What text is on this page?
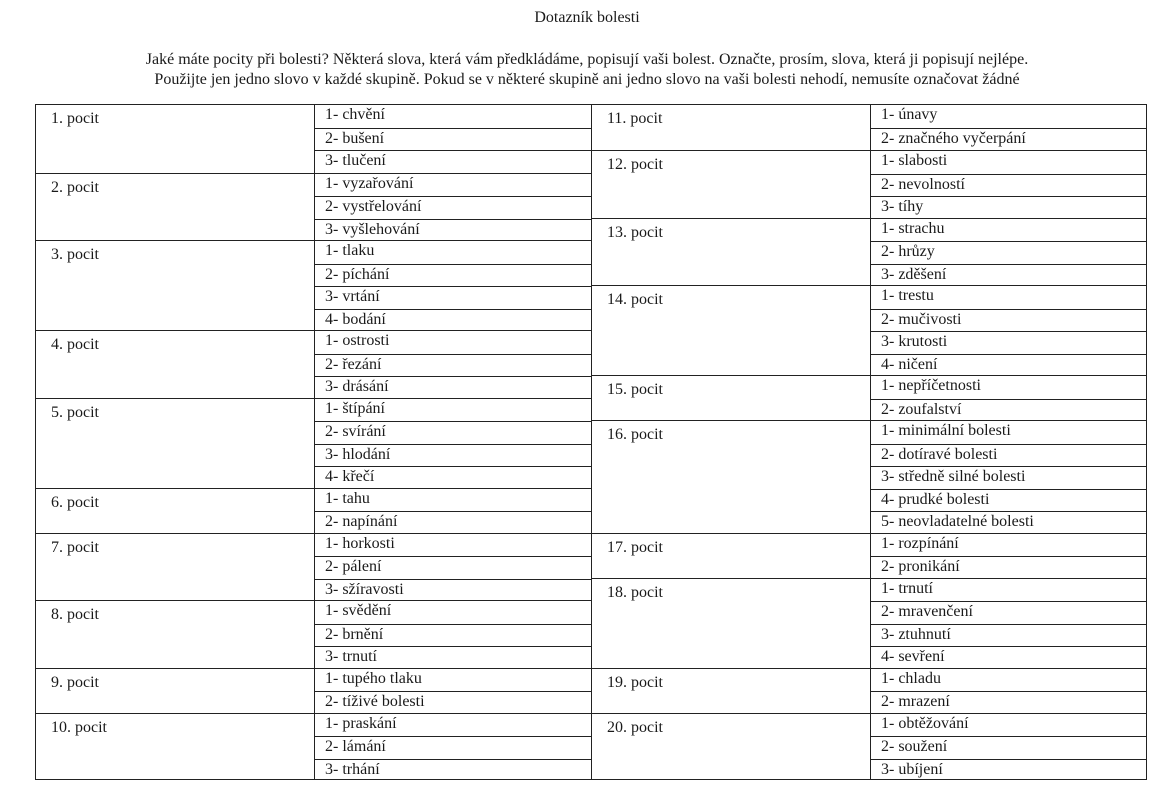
Dotazník bolesti

Jaké máte pocity při bolesti? Některá slova, která vám předkládáme, popisují vaši bolest. Označte, prosím, slova, která ji popisují nejlépe.

Použijte jen jedno slovo v každé skupině. Pokud se v některé skupině ani jedno slovo na vaši bolesti nehodí, nemusíte označovat žádné

1. pocit	1- chvění
2- bušení
3- tlučení
2. pocit	1- vyzařování
2- vystřelování
3- vyšlehování
3. pocit	1- tlaku
2- píchání
3- vrtání
4- bodání
4. pocit	1- ostrosti
2- řezání
3- drásání
5. pocit	1- štípání
2- svírání
3- hlodání
4- křečí
6. pocit	1- tahu
2- napínání
7. pocit	1- horkosti
2- pálení
3- sžíravosti
8. pocit	1- svědění
2- brnění
3- trnutí
9. pocit	1- tupého tlaku
2- tíživé bolesti
10. pocit	1- praskání
2- lámání
3- trhání
11. pocit	1- únavy
2- značného vyčerpání
12. pocit	1- slabosti
2- nevolností
3- tíhy
13. pocit	1- strachu
2- hrůzy
3- zděšení
14. pocit	1- trestu
2- mučivosti
3- krutosti
4- ničení
15. pocit	1- nepříčetnosti
2- zoufalství
16. pocit	1- minimální bolesti
2- dotíravé bolesti
3- středně silné bolesti
4- prudké bolesti
5- neovladatelné bolesti
17. pocit	1- rozpínání
2- pronikání
18. pocit	1- trnutí
2- mravenčení
3- ztuhnutí
4- sevření
19. pocit	1- chladu
2- mrazení
20. pocit	1- obtěžování
2- soužení
3- ubíjení
